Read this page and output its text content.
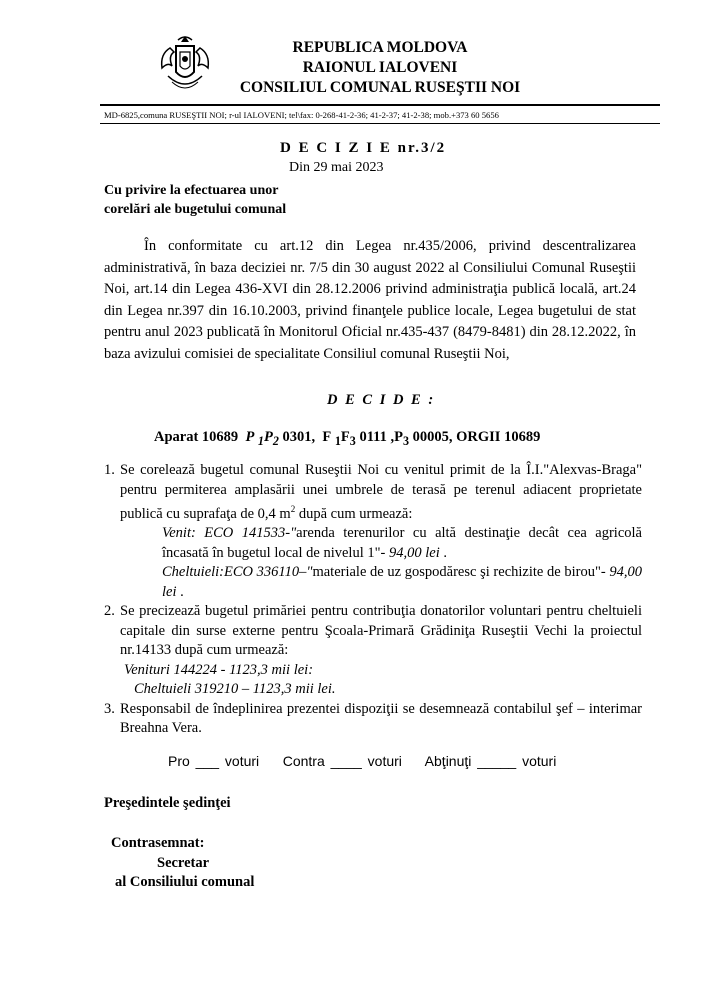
REPUBLICA MOLDOVA
RAIONUL IALOVENI
CONSILIUL COMUNAL RUSEŞTII NOI
MD-6825,comuna RUSEŞTII NOI; r-ul IALOVENI; tel\fax: 0-268-41-2-36; 41-2-37; 41-2-38; mob.+373 60 5656
D E C I Z I E nr.3/2
Din 29 mai 2023
Cu privire la efectuarea unor
corelări ale bugetului comunal
În conformitate cu art.12 din Legea nr.435/2006, privind descentralizarea administrativă, în baza deciziei nr. 7/5 din 30 august 2022 al Consiliului Comunal Ruseştii Noi, art.14 din Legea 436-XVI din 28.12.2006 privind administraţia publică locală, art.24 din Legea nr.397 din 16.10.2003, privind finanţele publice locale, Legea bugetului de stat pentru anul 2023 publicată în Monitorul Oficial nr.435-437 (8479-8481) din 28.12.2022, în baza avizului comisiei de specialitate Consiliul comunal Ruseştii Noi,
D E C I D E :
Aparat 10689 P $_1P_2$ 0301, F $_1F_3$ 0111 $,P_3$ 00005, ORGII 10689
1. Se corelează bugetul comunal Ruseştii Noi cu venitul primit de la Î.I."Alexvas-Braga" pentru permiterea amplasării unei umbrele de terasă pe terenul adiacent proprietate publică cu suprafaţa de 0,4 $m^2$ după cum urmează:
Venit: ECO 141533-"arenda terenurilor cu altă destinaţie decât cea agricolă încasată în bugetul local de nivelul 1"- 94,00 lei .
Cheltuieli:ECO 336110–"materiale de uz gospodăresc şi rechizite de birou"- 94,00 lei .
2. Se precizează bugetul primăriei pentru contribuţia donatorilor voluntari pentru cheltuieli capitale din surse externe pentru Şcoala-Primară Grădiniţa Ruseştii Vechi la proiectul nr.14133 după cum urmează:
Venituri 144224 - 1123,3 mii lei:
Cheltuieli 319210 – 1123,3 mii lei.
3. Responsabil de îndeplinirea prezentei dispoziţii se desemnează contabilul şef – interimar Breahna Vera.
Pro ___ voturi    Contra ____ voturi    Abţinuţi _____ voturi
Preşedintele şedinţei
Contrasemnat:
Secretar
al Consiliului comunal
